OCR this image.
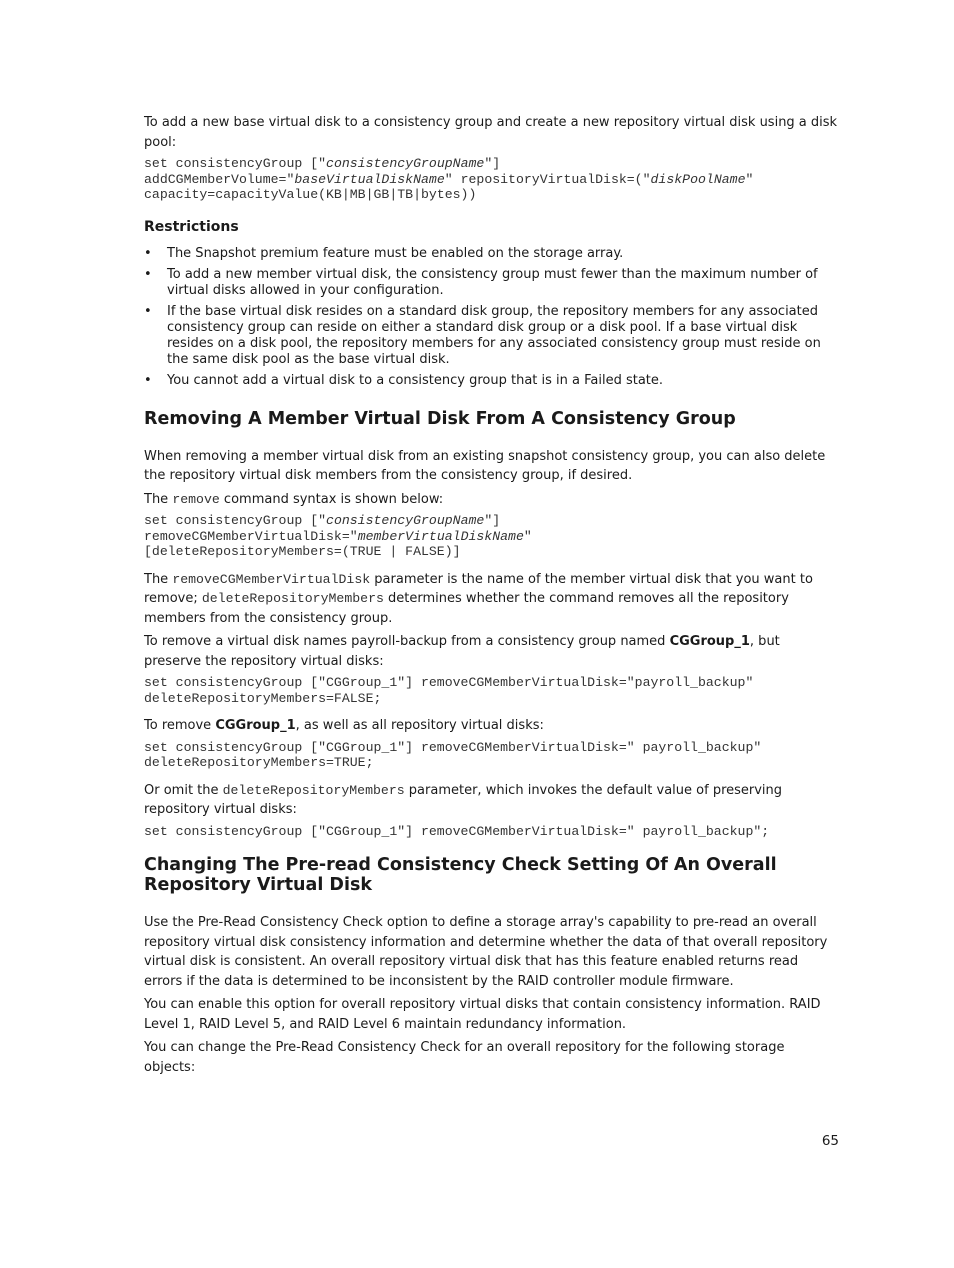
To add a new base virtual disk to a consistency group and create a new repository virtual disk using a disk pool:

set consistencyGroup ["consistencyGroupName"]
addCGMemberVolume="baseVirtualDiskName" repositoryVirtualDisk=("diskPoolName"
capacity=capacityValue(KB|MB|GB|TB|bytes))
Restrictions
•	The Snapshot premium feature must be enabled on the storage array.
•	To add a new member virtual disk, the consistency group must fewer than the maximum number of virtual disks allowed in your configuration.
•	If the base virtual disk resides on a standard disk group, the repository members for any associated consistency group can reside on either a standard disk group or a disk pool. If a base virtual disk resides on a disk pool, the repository members for any associated consistency group must reside on the same disk pool as the base virtual disk.
•	You cannot add a virtual disk to a consistency group that is in a Failed state.
Removing A Member Virtual Disk From A Consistency Group

When removing a member virtual disk from an existing snapshot consistency group, you can also delete the repository virtual disk members from the consistency group, if desired.

The remove command syntax is shown below:

set consistencyGroup ["consistencyGroupName"]
removeCGMemberVirtualDisk="memberVirtualDiskName"
[deleteRepositoryMembers=(TRUE | FALSE)]

The removeCGMemberVirtualDisk parameter is the name of the member virtual disk that you want to remove; deleteRepositoryMembers determines whether the command removes all the repository members from the consistency group.

To remove a virtual disk names payroll-backup from a consistency group named CGGroup_1, but preserve the repository virtual disks:

set consistencyGroup ["CGGroup_1"] removeCGMemberVirtualDisk="payroll_backup"
deleteRepositoryMembers=FALSE;

To remove CGGroup_1, as well as all repository virtual disks:

set consistencyGroup ["CGGroup_1"] removeCGMemberVirtualDisk=" payroll_backup"
deleteRepositoryMembers=TRUE;

Or omit the deleteRepositoryMembers parameter, which invokes the default value of preserving repository virtual disks:

set consistencyGroup ["CGGroup_1"] removeCGMemberVirtualDisk=" payroll_backup";
Changing The Pre-read Consistency Check Setting Of An Overall Repository Virtual Disk

Use the Pre-Read Consistency Check option to define a storage array's capability to pre-read an overall repository virtual disk consistency information and determine whether the data of that overall repository virtual disk is consistent. An overall repository virtual disk that has this feature enabled returns read errors if the data is determined to be inconsistent by the RAID controller module firmware.

You can enable this option for overall repository virtual disks that contain consistency information. RAID Level 1, RAID Level 5, and RAID Level 6 maintain redundancy information.

You can change the Pre-Read Consistency Check for an overall repository for the following storage objects:

65
